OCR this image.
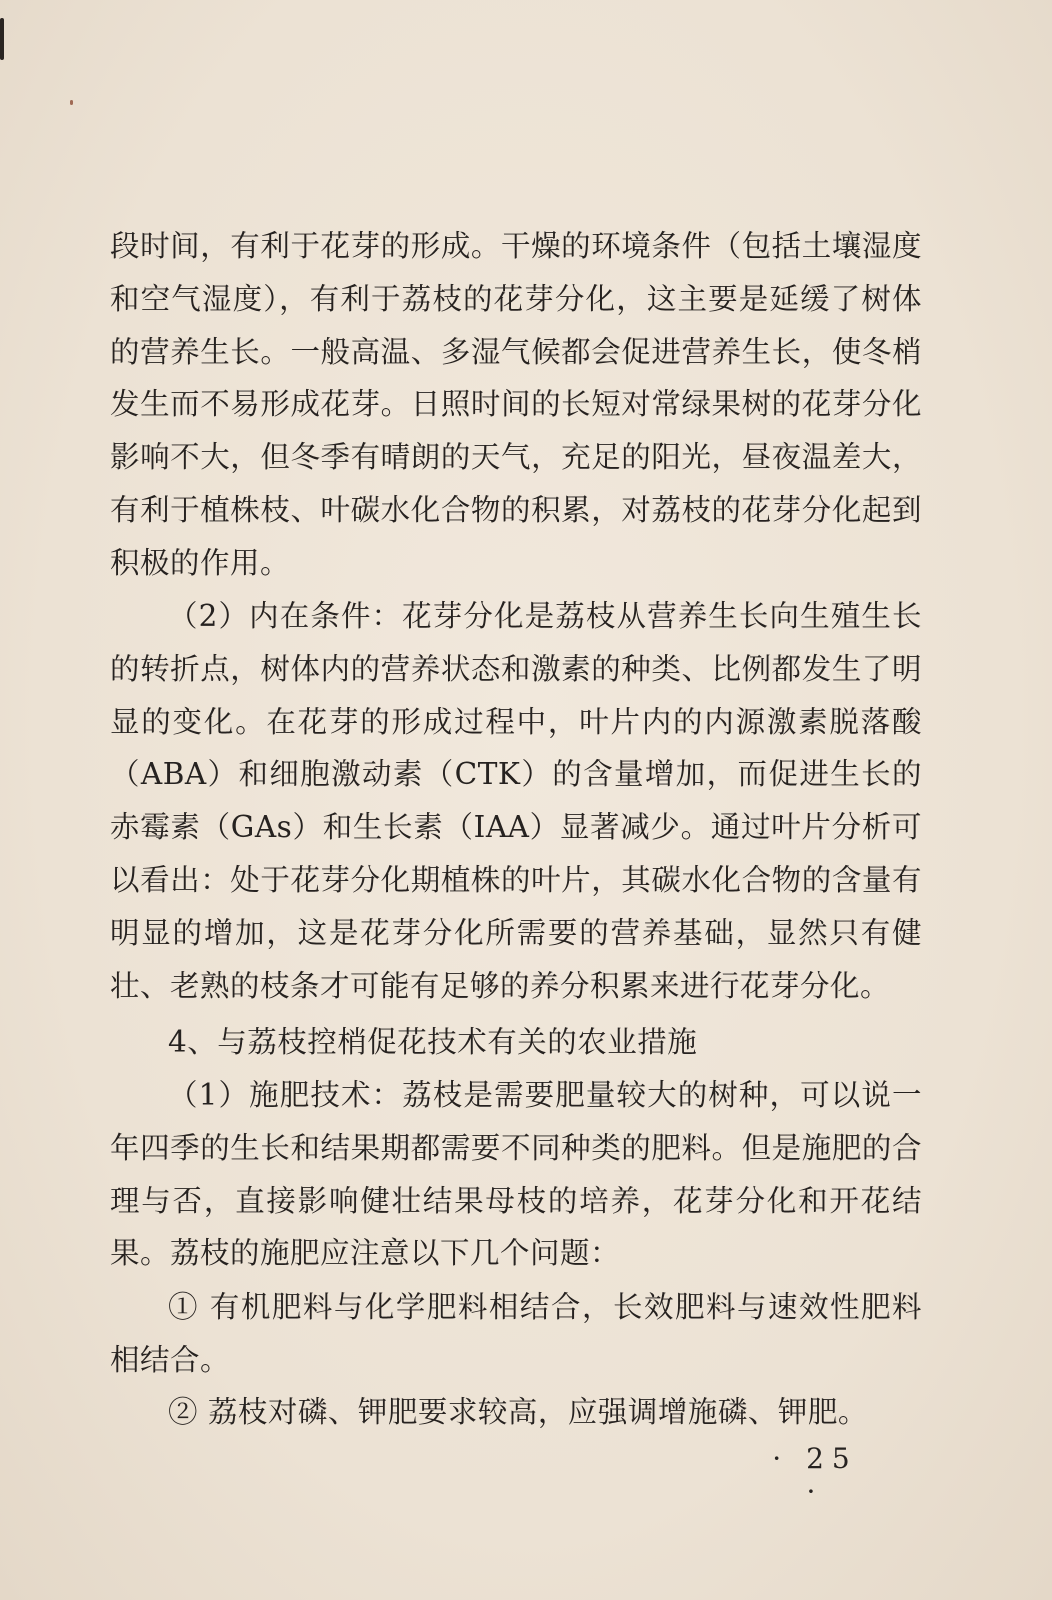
段时间，有利于花芽的形成。干燥的环境条件（包括土壤湿度和空气湿度），有利于荔枝的花芽分化，这主要是延缓了树体的营养生长。一般高温、多湿气候都会促进营养生长，使冬梢发生而不易形成花芽。日照时间的长短对常绿果树的花芽分化影响不大，但冬季有晴朗的天气，充足的阳光，昼夜温差大，有利于植株枝、叶碳水化合物的积累，对荔枝的花芽分化起到积极的作用。

（2）内在条件：花芽分化是荔枝从营养生长向生殖生长的转折点，树体内的营养状态和激素的种类、比例都发生了明显的变化。在花芽的形成过程中，叶片内的内源激素脱落酸（ABA）和细胞激动素（CTK）的含量增加，而促进生长的赤霉素（GAs）和生长素（IAA）显著减少。通过叶片分析可以看出：处于花芽分化期植株的叶片，其碳水化合物的含量有明显的增加，这是花芽分化所需要的营养基础，显然只有健壮、老熟的枝条才可能有足够的养分积累来进行花芽分化。

4、与荔枝控梢促花技术有关的农业措施

（1）施肥技术：荔枝是需要肥量较大的树种，可以说一年四季的生长和结果期都需要不同种类的肥料。但是施肥的合理与否，直接影响健壮结果母枝的培养，花芽分化和开花结果。荔枝的施肥应注意以下几个问题：

① 有机肥料与化学肥料相结合，长效肥料与速效性肥料相结合。

② 荔枝对磷、钾肥要求较高，应强调增施磷、钾肥。

· 25 ·
